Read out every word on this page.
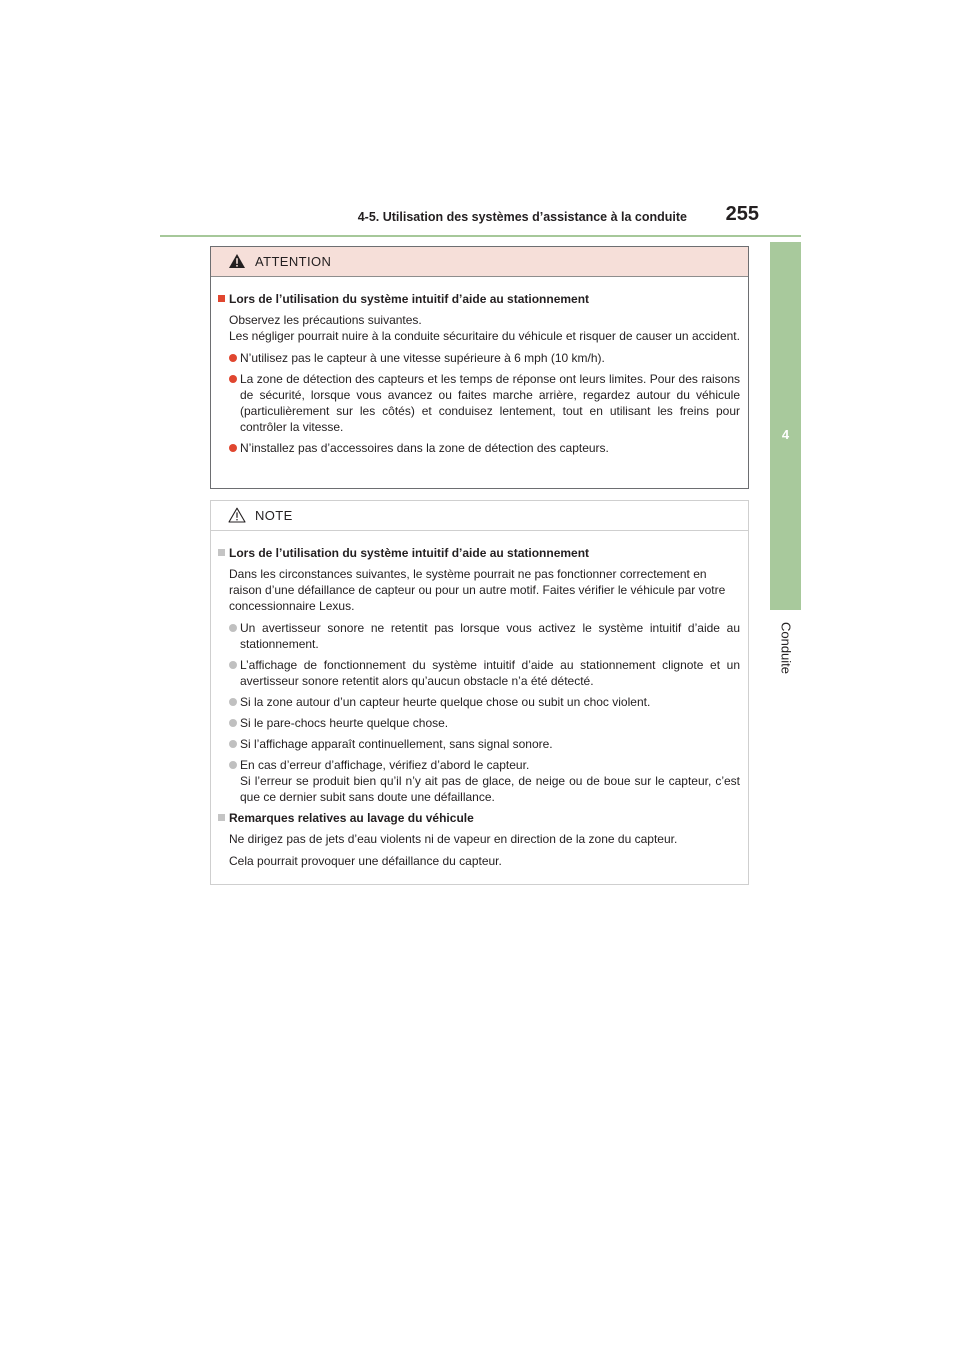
4-5. Utilisation des systèmes d’assistance à la conduite 255
4
Conduite
ATTENTION
Lors de l’utilisation du système intuitif d’aide au stationnement
Observez les précautions suivantes.
Les négliger pourrait nuire à la conduite sécuritaire du véhicule et risquer de causer un accident.
N’utilisez pas le capteur à une vitesse supérieure à 6 mph (10 km/h).
La zone de détection des capteurs et les temps de réponse ont leurs limites. Pour des raisons de sécurité, lorsque vous avancez ou faites marche arrière, regardez autour du véhicule (particulièrement sur les côtés) et conduisez lentement, tout en utilisant les freins pour contrôler la vitesse.
N’installez pas d’accessoires dans la zone de détection des capteurs.
NOTE
Lors de l’utilisation du système intuitif d’aide au stationnement
Dans les circonstances suivantes, le système pourrait ne pas fonctionner correctement en raison d’une défaillance de capteur ou pour un autre motif. Faites vérifier le véhicule par votre concessionnaire Lexus.
Un avertisseur sonore ne retentit pas lorsque vous activez le système intuitif d’aide au stationnement.
L’affichage de fonctionnement du système intuitif d’aide au stationnement clignote et un avertisseur sonore retentit alors qu’aucun obstacle n’a été détecté.
Si la zone autour d’un capteur heurte quelque chose ou subit un choc violent.
Si le pare-chocs heurte quelque chose.
Si l’affichage apparaît continuellement, sans signal sonore.
En cas d’erreur d’affichage, vérifiez d’abord le capteur.
Si l’erreur se produit bien qu’il n’y ait pas de glace, de neige ou de boue sur le capteur, c’est que ce dernier subit sans doute une défaillance.
Remarques relatives au lavage du véhicule
Ne dirigez pas de jets d’eau violents ni de vapeur en direction de la zone du capteur.
Cela pourrait provoquer une défaillance du capteur.
